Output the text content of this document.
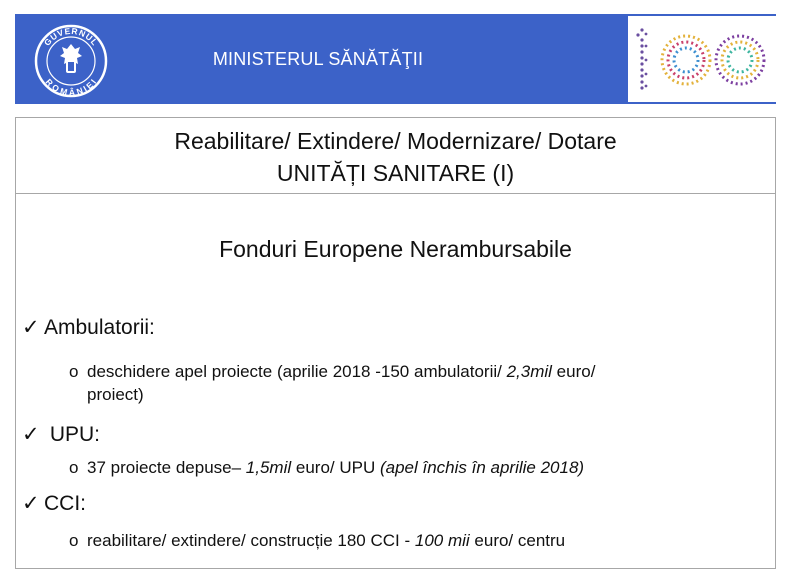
GUVERNUL
ROMÂNIEI
MINISTERUL SĂNĂTĂŢII
Reabilitare/ Extindere/ Modernizare/ Dotare
UNITĂȚI SANITARE (I)
Fonduri Europene Nerambursabile
✓ Ambulatorii:
o deschidere apel proiecte (aprilie 2018 -150 ambulatorii/ 2,3mil euro/
proiect)
✓ UPU:
o 37 proiecte depuse– 1,5mil euro/ UPU (apel închis în aprilie 2018)
✓ CCI:
o reabilitare/ extindere/ construcție 180 CCI - 100 mii euro/ centru
